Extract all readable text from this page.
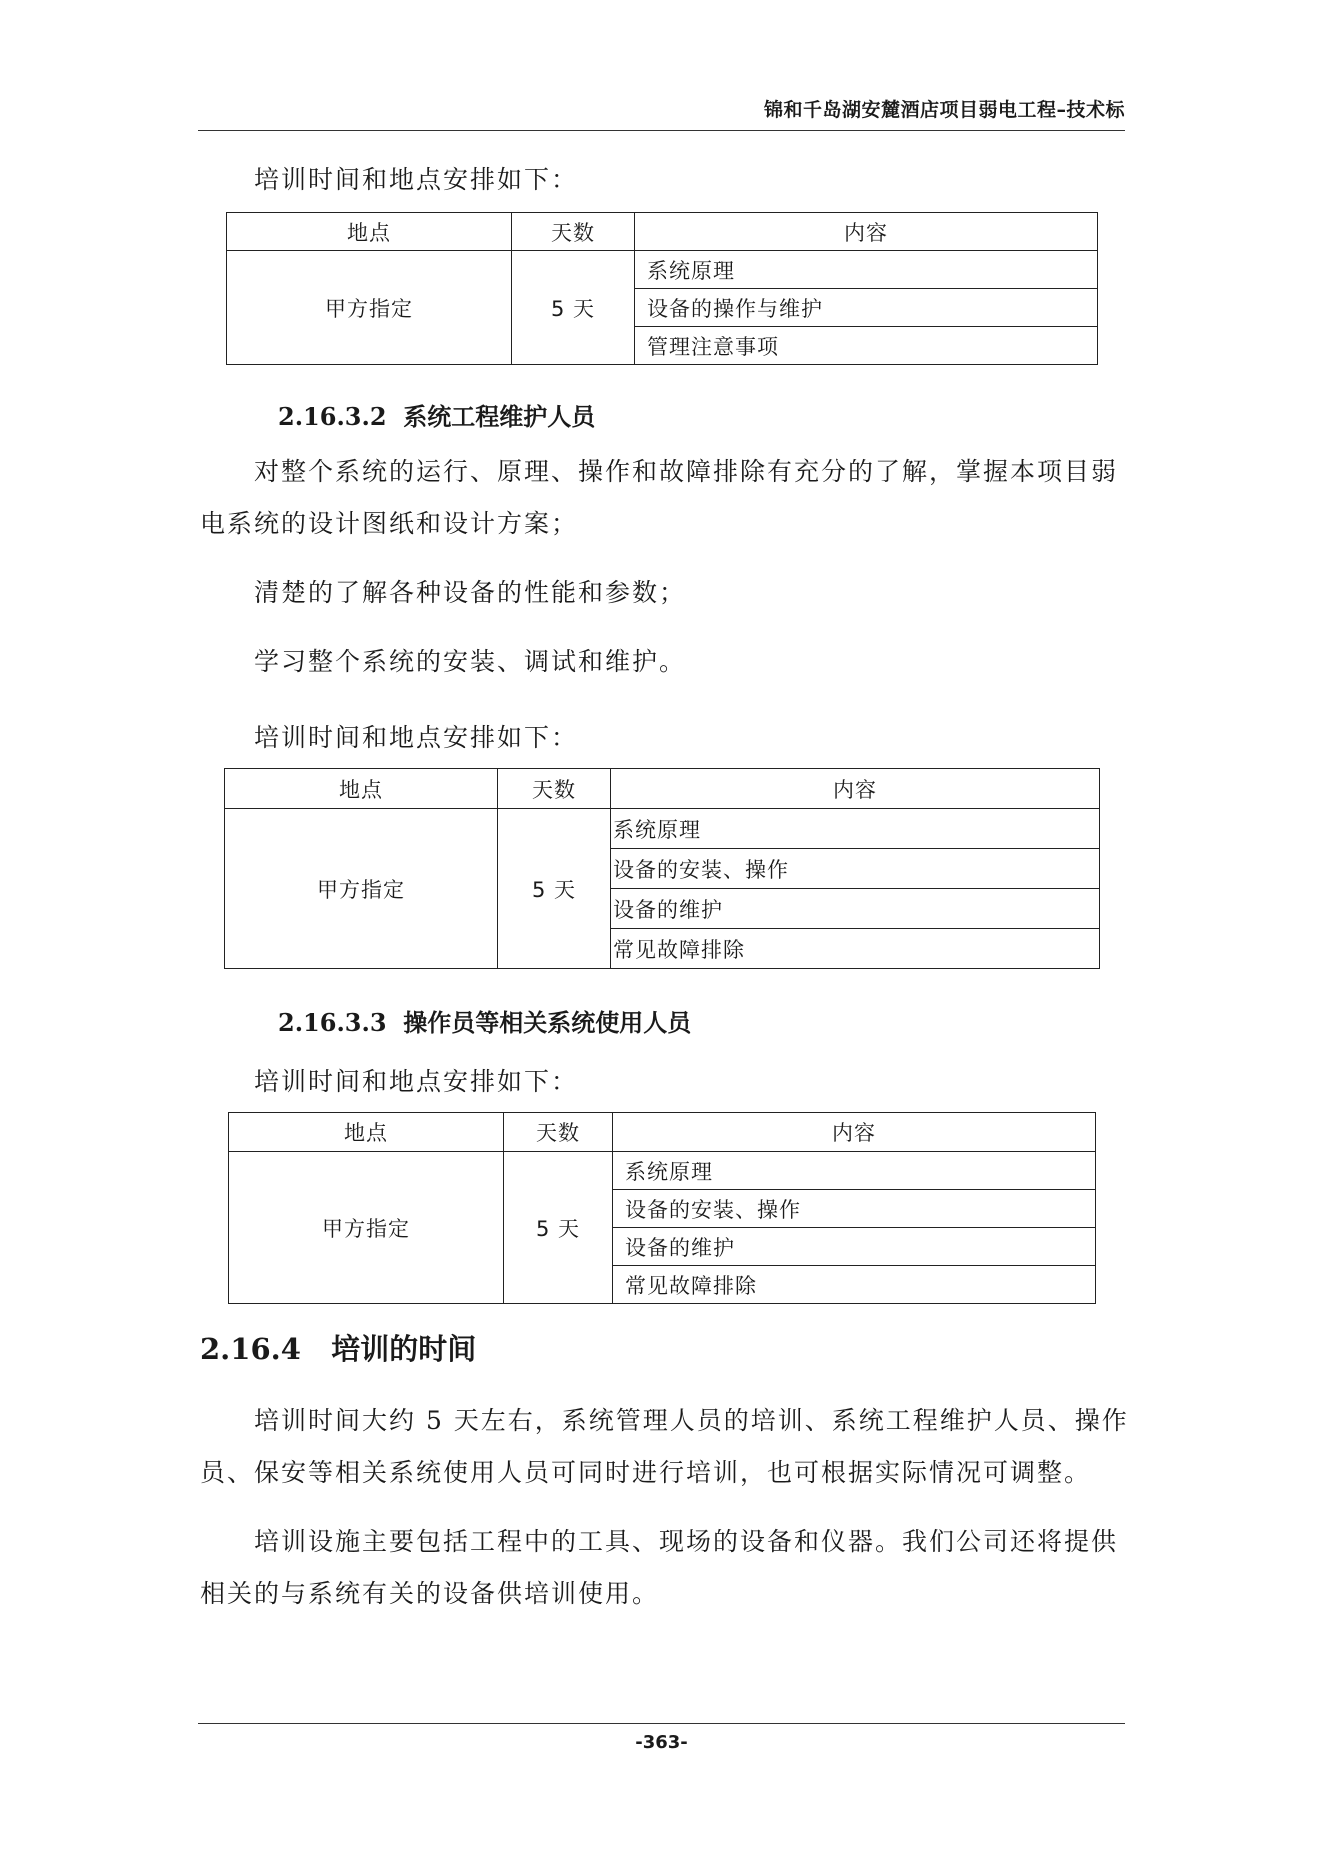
锦和千岛湖安麓酒店项目弱电工程–技术标
培训时间和地点安排如下：
地点	天数	内容
甲方指定	5 天	系统原理
		设备的操作与维护
		管理注意事项
2.16.3.2 系统工程维护人员
对整个系统的运行、原理、操作和故障排除有充分的了解，掌握本项目弱
电系统的设计图纸和设计方案；
清楚的了解各种设备的性能和参数；
学习整个系统的安装、调试和维护。
培训时间和地点安排如下：
地点	天数	内容
甲方指定	5 天	系统原理
		设备的安装、操作
		设备的维护
		常见故障排除
2.16.3.3 操作员等相关系统使用人员
培训时间和地点安排如下：
地点	天数	内容
甲方指定	5 天	系统原理
		设备的安装、操作
		设备的维护
		常见故障排除
2.16.4 培训的时间
培训时间大约 5 天左右，系统管理人员的培训、系统工程维护人员、操作
员、保安等相关系统使用人员可同时进行培训，也可根据实际情况可调整。
培训设施主要包括工程中的工具、现场的设备和仪器。我们公司还将提供
相关的与系统有关的设备供培训使用。
-363-
